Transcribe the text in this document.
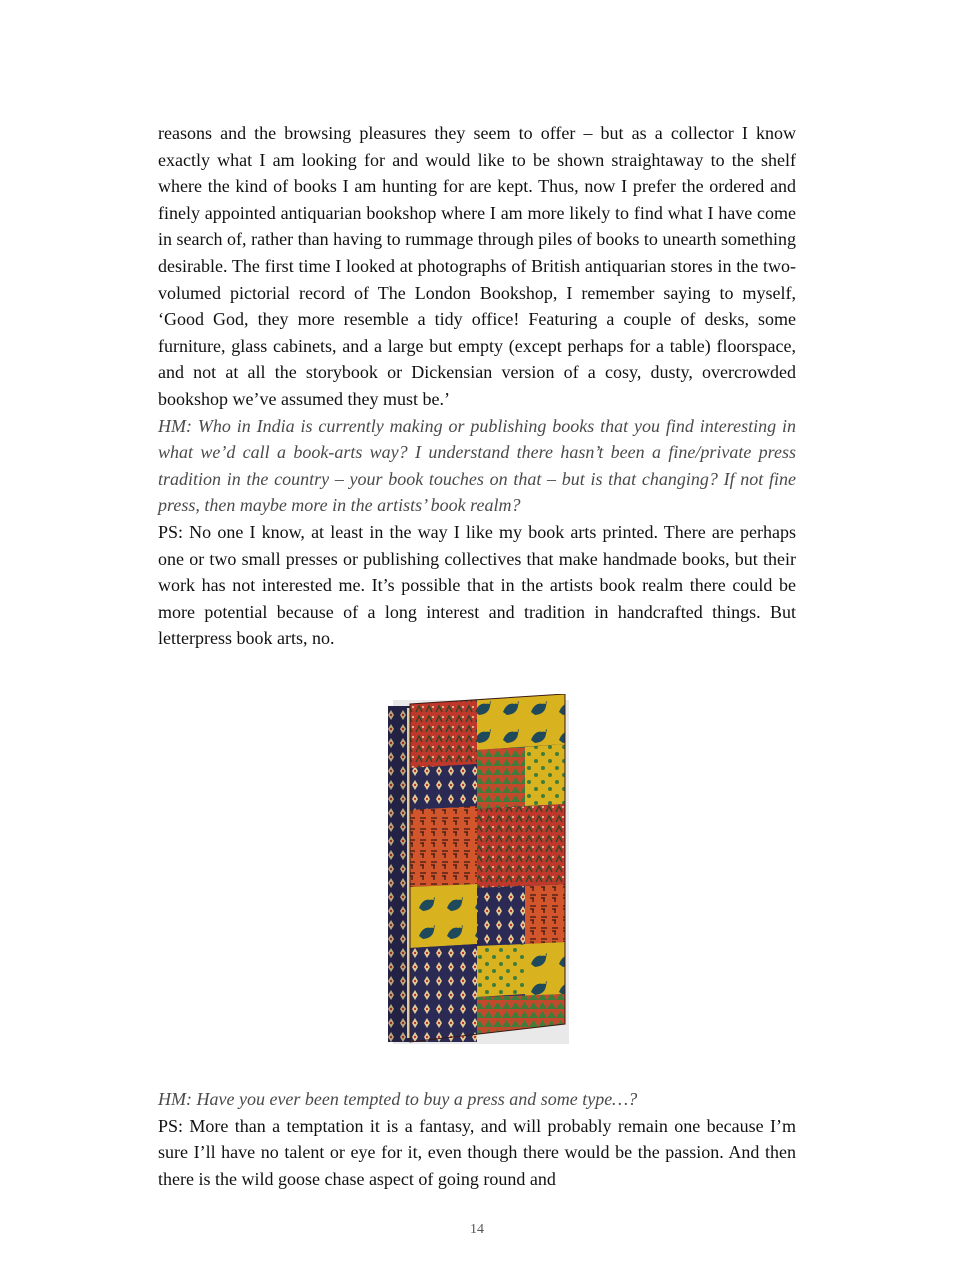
reasons and the browsing pleasures they seem to offer – but as a collector I know exactly what I am looking for and would like to be shown straightaway to the shelf where the kind of books I am hunting for are kept. Thus, now I prefer the ordered and finely appointed antiquarian bookshop where I am more likely to find what I have come in search of, rather than having to rummage through piles of books to unearth something desirable. The first time I looked at photographs of British antiquarian stores in the two-volumed pictorial record of The London Bookshop, I remember saying to myself, ‘Good God, they more resemble a tidy office! Featuring a couple of desks, some furniture, glass cabinets, and a large but empty (except perhaps for a table) floorspace, and not at all the storybook or Dickensian version of a cosy, dusty, overcrowded bookshop we’ve assumed they must be.’

HM: Who in India is currently making or publishing books that you find interesting in what we’d call a book-arts way? I understand there hasn’t been a fine/private press tradition in the country – your book touches on that – but is that changing? If not fine press, then maybe more in the artists’ book realm?

PS: No one I know, at least in the way I like my book arts printed. There are perhaps one or two small presses or publishing collectives that make handmade books, but their work has not interested me. It’s possible that in the artists book realm there could be more potential because of a long interest and tradition in handcrafted things. But letterpress book arts, no.

HM: Have you ever been tempted to buy a press and some type…?

PS: More than a temptation it is a fantasy, and will probably remain one because I’m sure I’ll have no talent or eye for it, even though there would be the passion. And then there is the wild goose chase aspect of going round and

14
